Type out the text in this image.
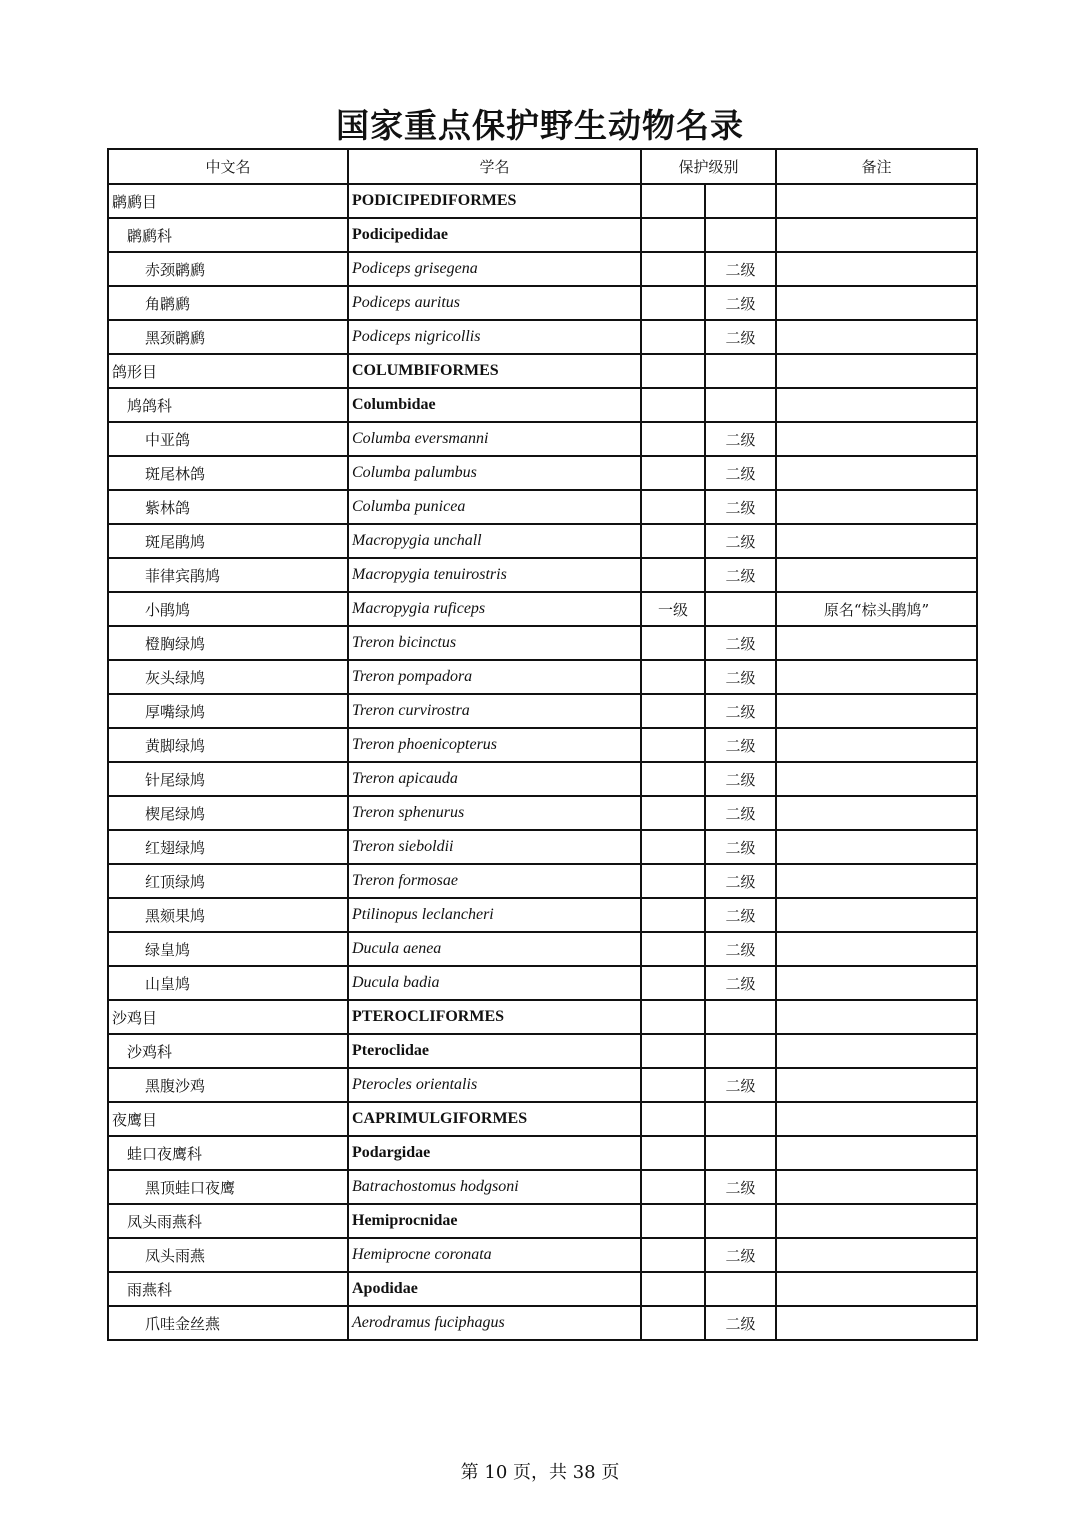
国家重点保护野生动物名录
中文名	学名	保护级别		备注
䴙䴘目	PODICIPEDIFORMES			
䴙䴘科	Podicipedidae			
赤颈䴙䴘	Podiceps grisegena		二级	
角䴙䴘	Podiceps auritus		二级	
黑颈䴙䴘	Podiceps nigricollis		二级	
鸽形目	COLUMBIFORMES			
鸠鸽科	Columbidae			
中亚鸽	Columba eversmanni		二级	
斑尾林鸽	Columba palumbus		二级	
紫林鸽	Columba punicea		二级	
斑尾鹃鸠	Macropygia unchall		二级	
菲律宾鹃鸠	Macropygia tenuirostris		二级	
小鹃鸠	Macropygia ruficeps	一级		原名“棕头鹃鸠”
橙胸绿鸠	Treron bicinctus		二级	
灰头绿鸠	Treron pompadora		二级	
厚嘴绿鸠	Treron curvirostra		二级	
黄脚绿鸠	Treron phoenicopterus		二级	
针尾绿鸠	Treron apicauda		二级	
楔尾绿鸠	Treron sphenurus		二级	
红翅绿鸠	Treron sieboldii		二级	
红顶绿鸠	Treron formosae		二级	
黑颏果鸠	Ptilinopus leclancheri		二级	
绿皇鸠	Ducula aenea		二级	
山皇鸠	Ducula badia		二级	
沙鸡目	PTEROCLIFORMES			
沙鸡科	Pteroclidae			
黑腹沙鸡	Pterocles orientalis		二级	
夜鹰目	CAPRIMULGIFORMES			
蛙口夜鹰科	Podargidae			
黑顶蛙口夜鹰	Batrachostomus hodgsoni		二级	
凤头雨燕科	Hemiprocnidae			
凤头雨燕	Hemiprocne coronata		二级	
雨燕科	Apodidae			
爪哇金丝燕	Aerodramus fuciphagus		二级	
第 10 页，共 38 页
